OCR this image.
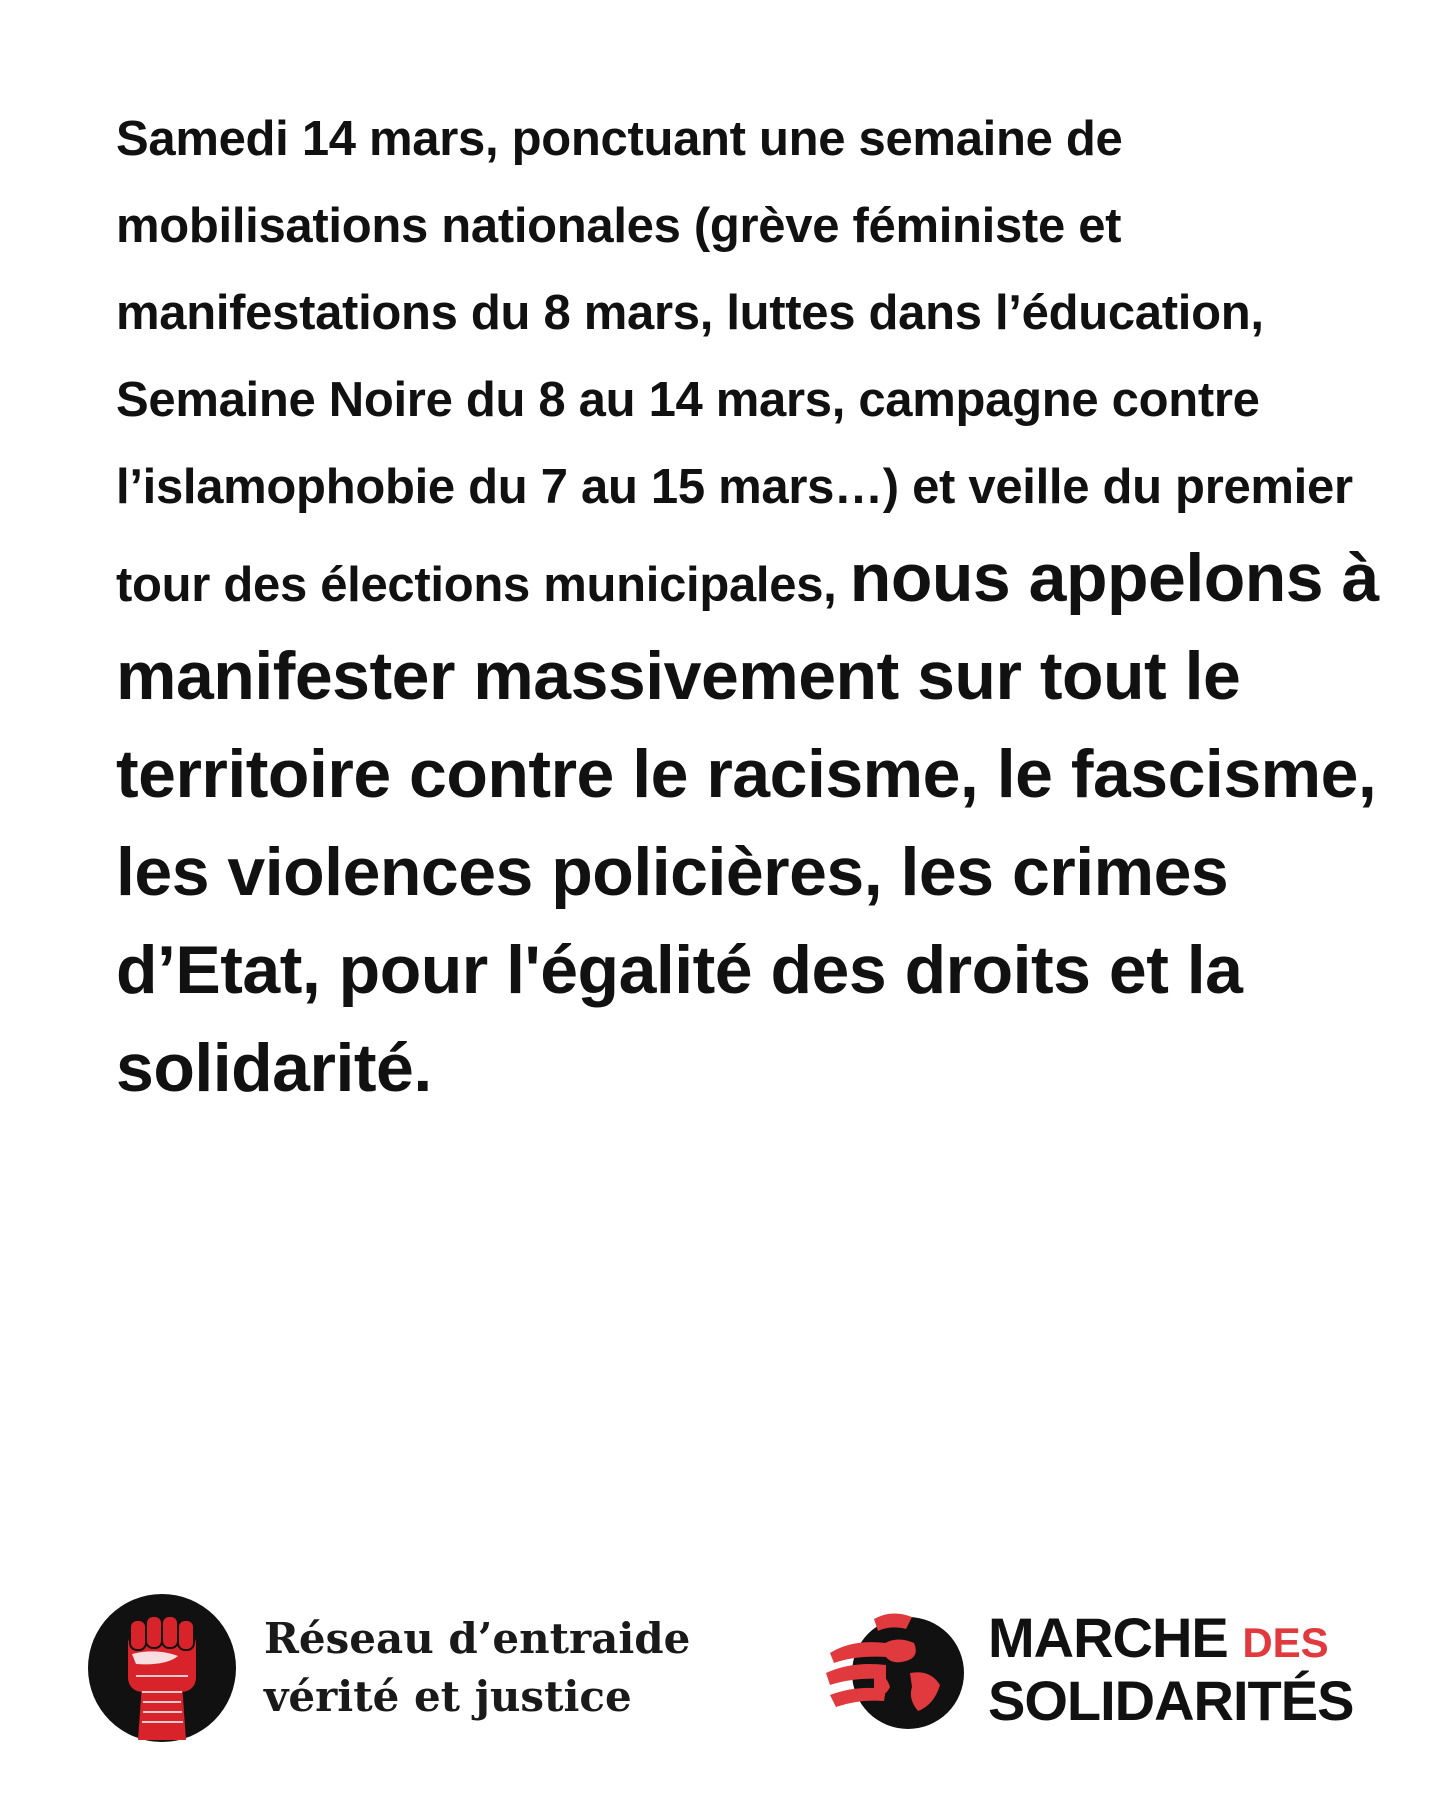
Samedi 14 mars, ponctuant une semaine de mobilisations nationales (grève féministe et manifestations du 8 mars, luttes dans l’éducation, Semaine Noire du 8 au 14 mars, campagne contre l’islamophobie du 7 au 15 mars…) et veille du premier tour des élections municipales, nous appelons à manifester massivement sur tout le territoire contre le racisme, le fascisme, les violences policières, les crimes d’Etat, pour l'égalité des droits et la solidarité.

Réseau d’entraide
vérité et justice
MARCHE DES
SOLIDARITÉS
